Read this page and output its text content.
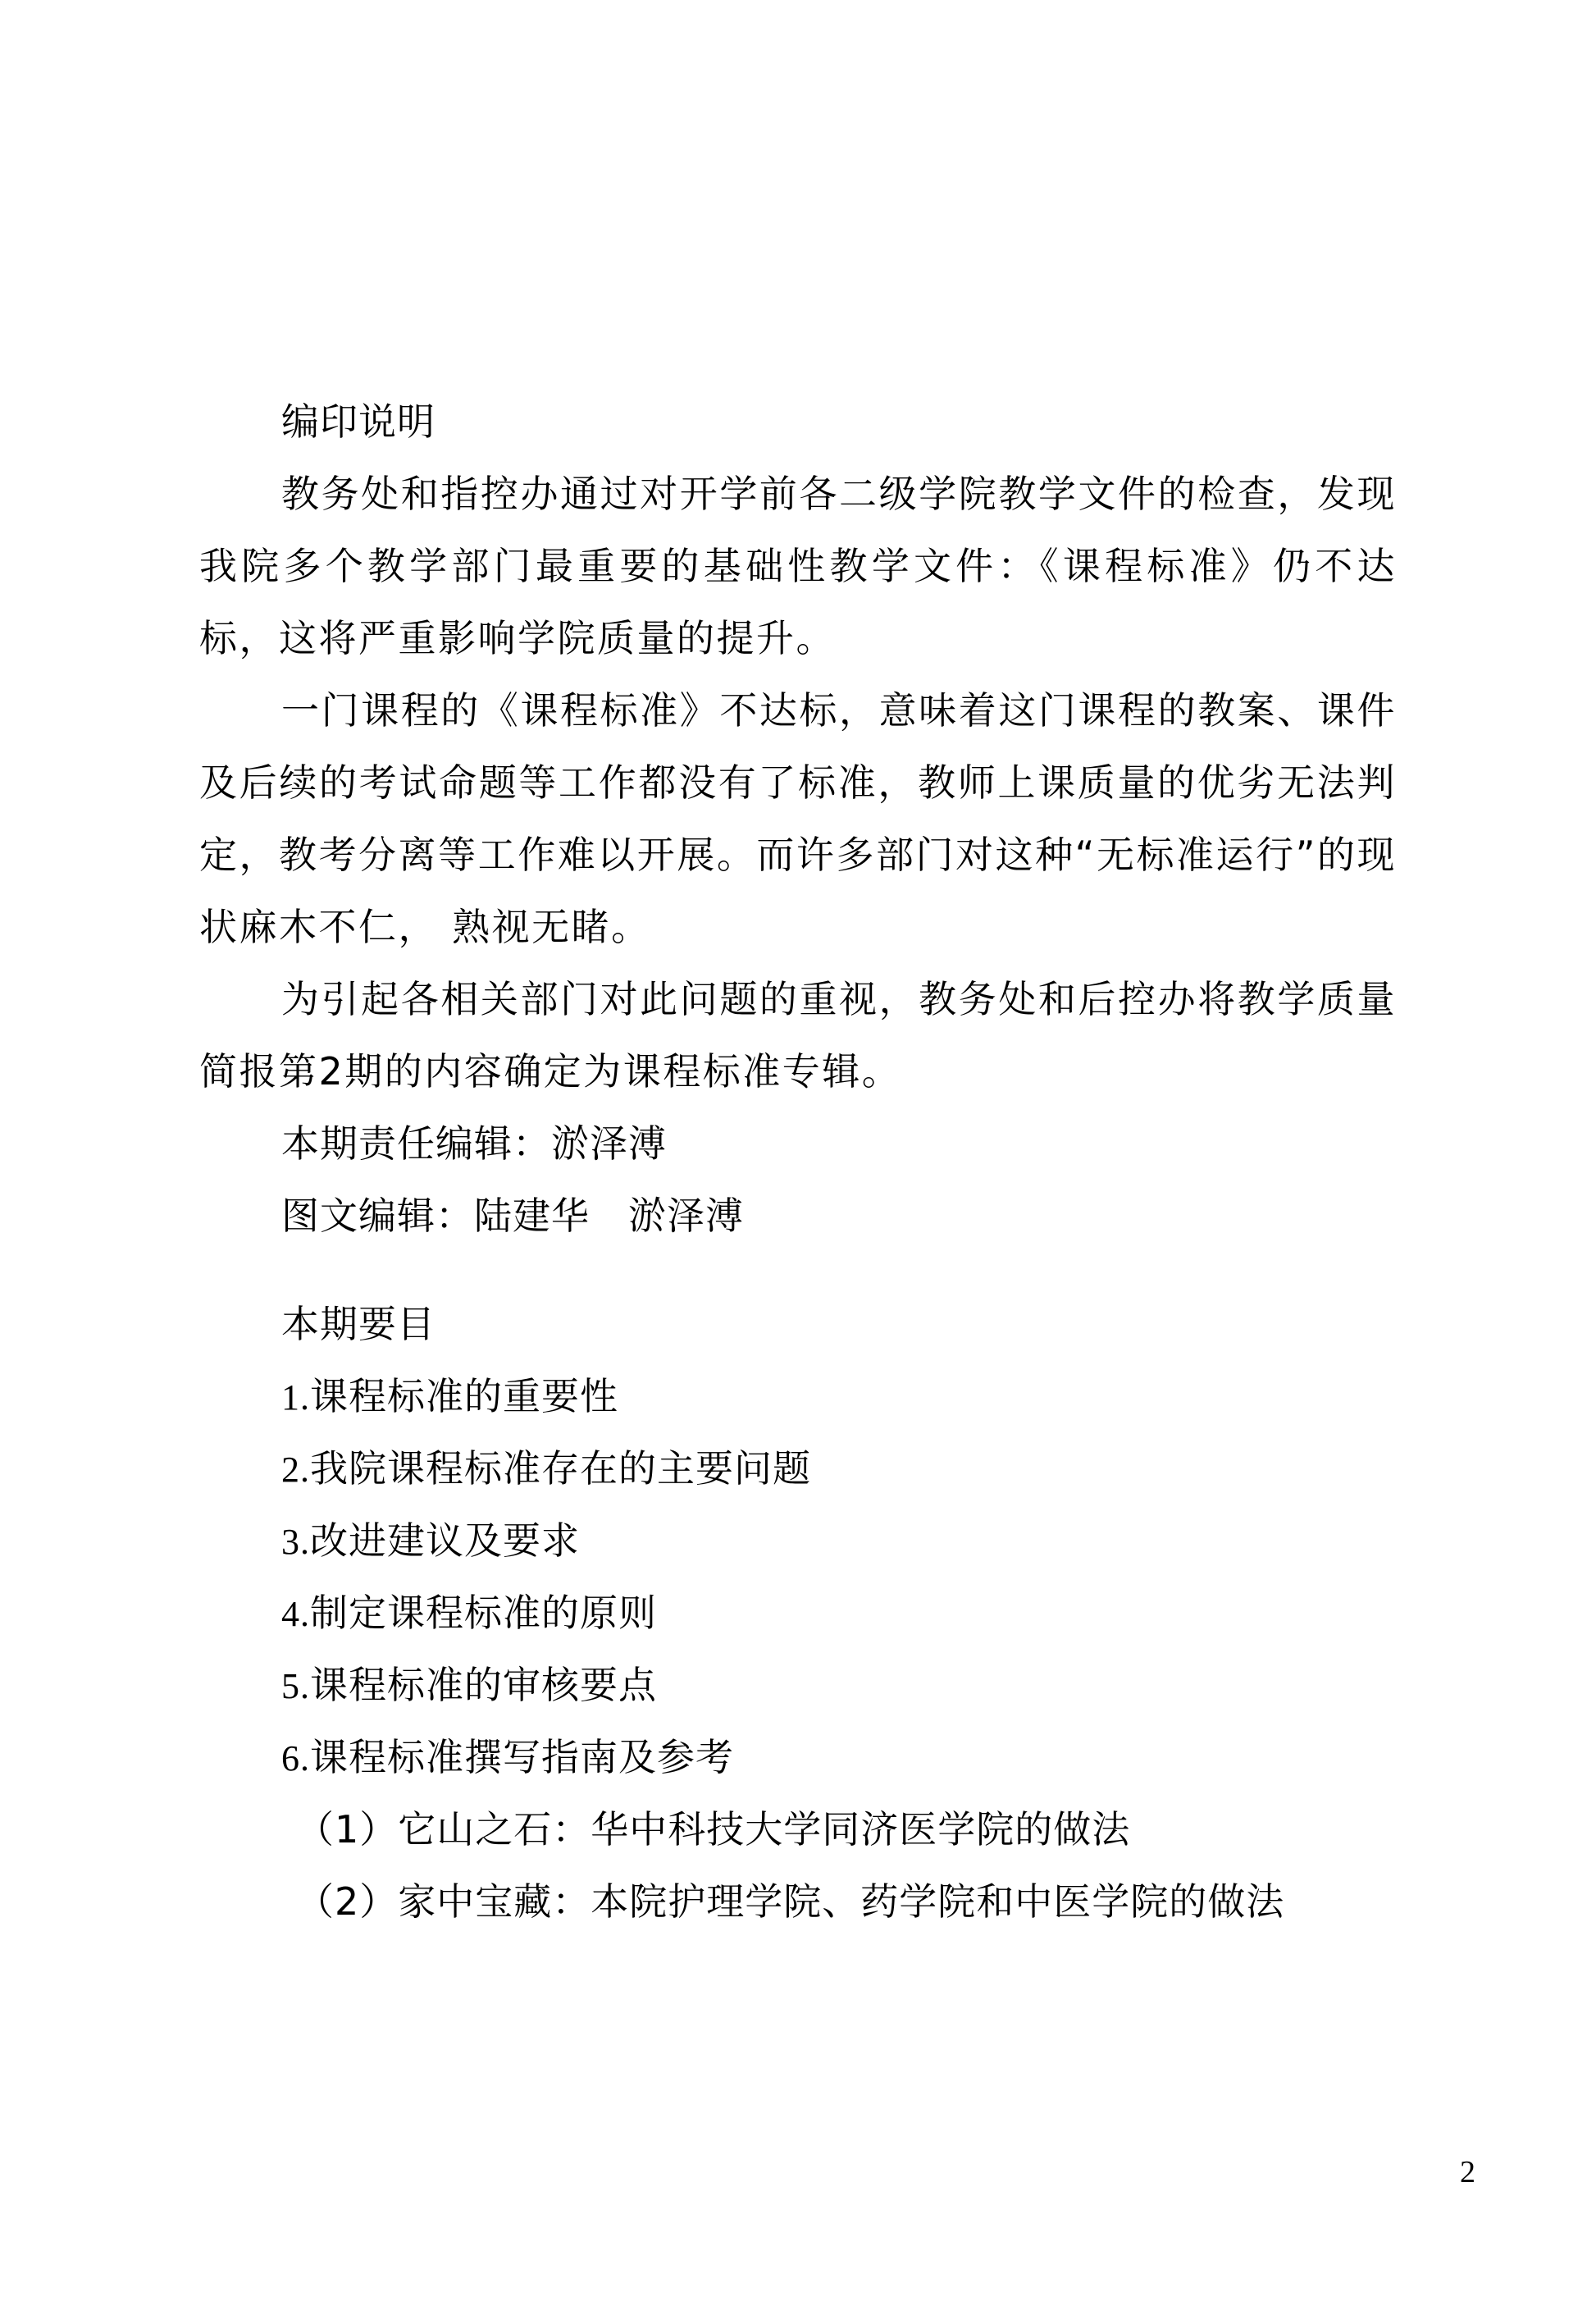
编印说明

教务处和指控办通过对开学前各二级学院教学文件的检查，发现我院多个教学部门最重要的基础性教学文件：《课程标准》仍不达标，这将严重影响学院质量的提升。

一门课程的《课程标准》不达标，意味着这门课程的教案、课件及后续的考试命题等工作都没有了标准，教师上课质量的优劣无法判定，教考分离等工作难以开展。而许多部门对这种“无标准运行”的现状麻木不仁， 熟视无睹。

为引起各相关部门对此问题的重视，教务处和后控办将教学质量简报第2期的内容确定为课程标准专辑。

本期责任编辑：淤泽溥
图文编辑：陆建华　淤泽溥
本期要目
1.课程标准的重要性
2.我院课程标准存在的主要问题
3.改进建议及要求
4.制定课程标准的原则
5.课程标准的审核要点
6.课程标准撰写指南及参考
（1）它山之石：华中科技大学同济医学院的做法
（2）家中宝藏：本院护理学院、药学院和中医学院的做法
2
